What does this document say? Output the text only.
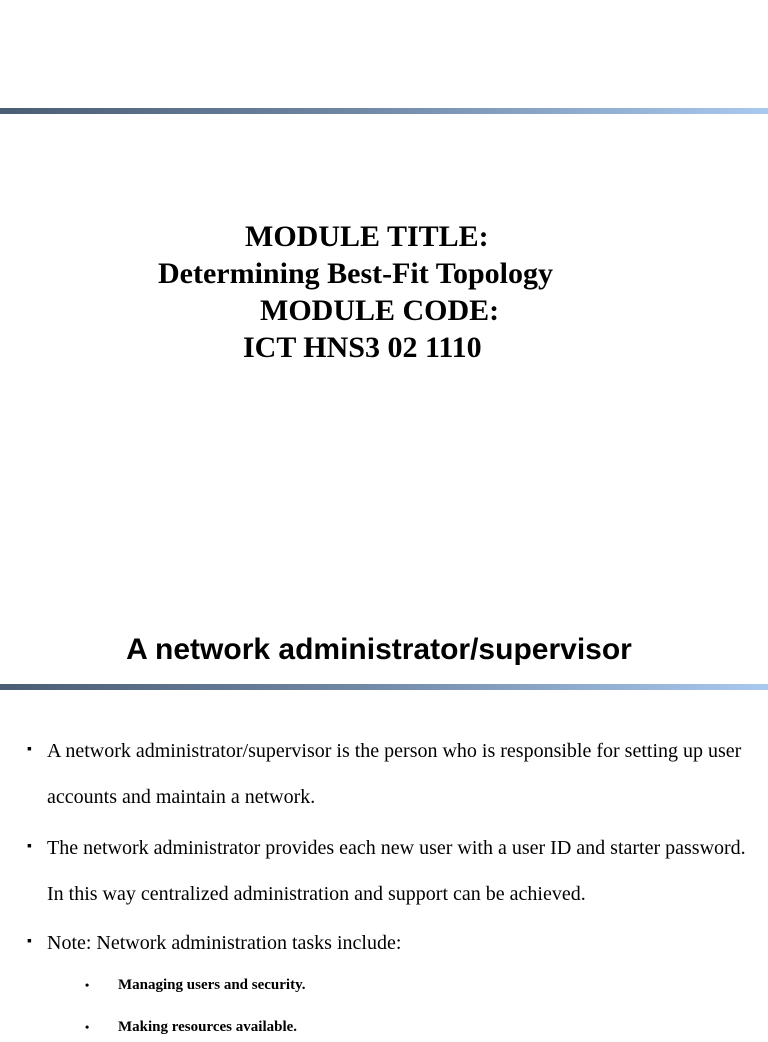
MODULE TITLE:
Determining Best-Fit Topology
MODULE CODE:
ICT HNS3 02 1110
A network administrator/supervisor
▪ A network administrator/supervisor is the person who is responsible for setting up user accounts and maintain a network.
▪ The network administrator provides each new user with a user ID and starter password. In this way centralized administration and support can be achieved.
▪ Note: Network administration tasks include:
• Managing users and security.
• Making resources available.
